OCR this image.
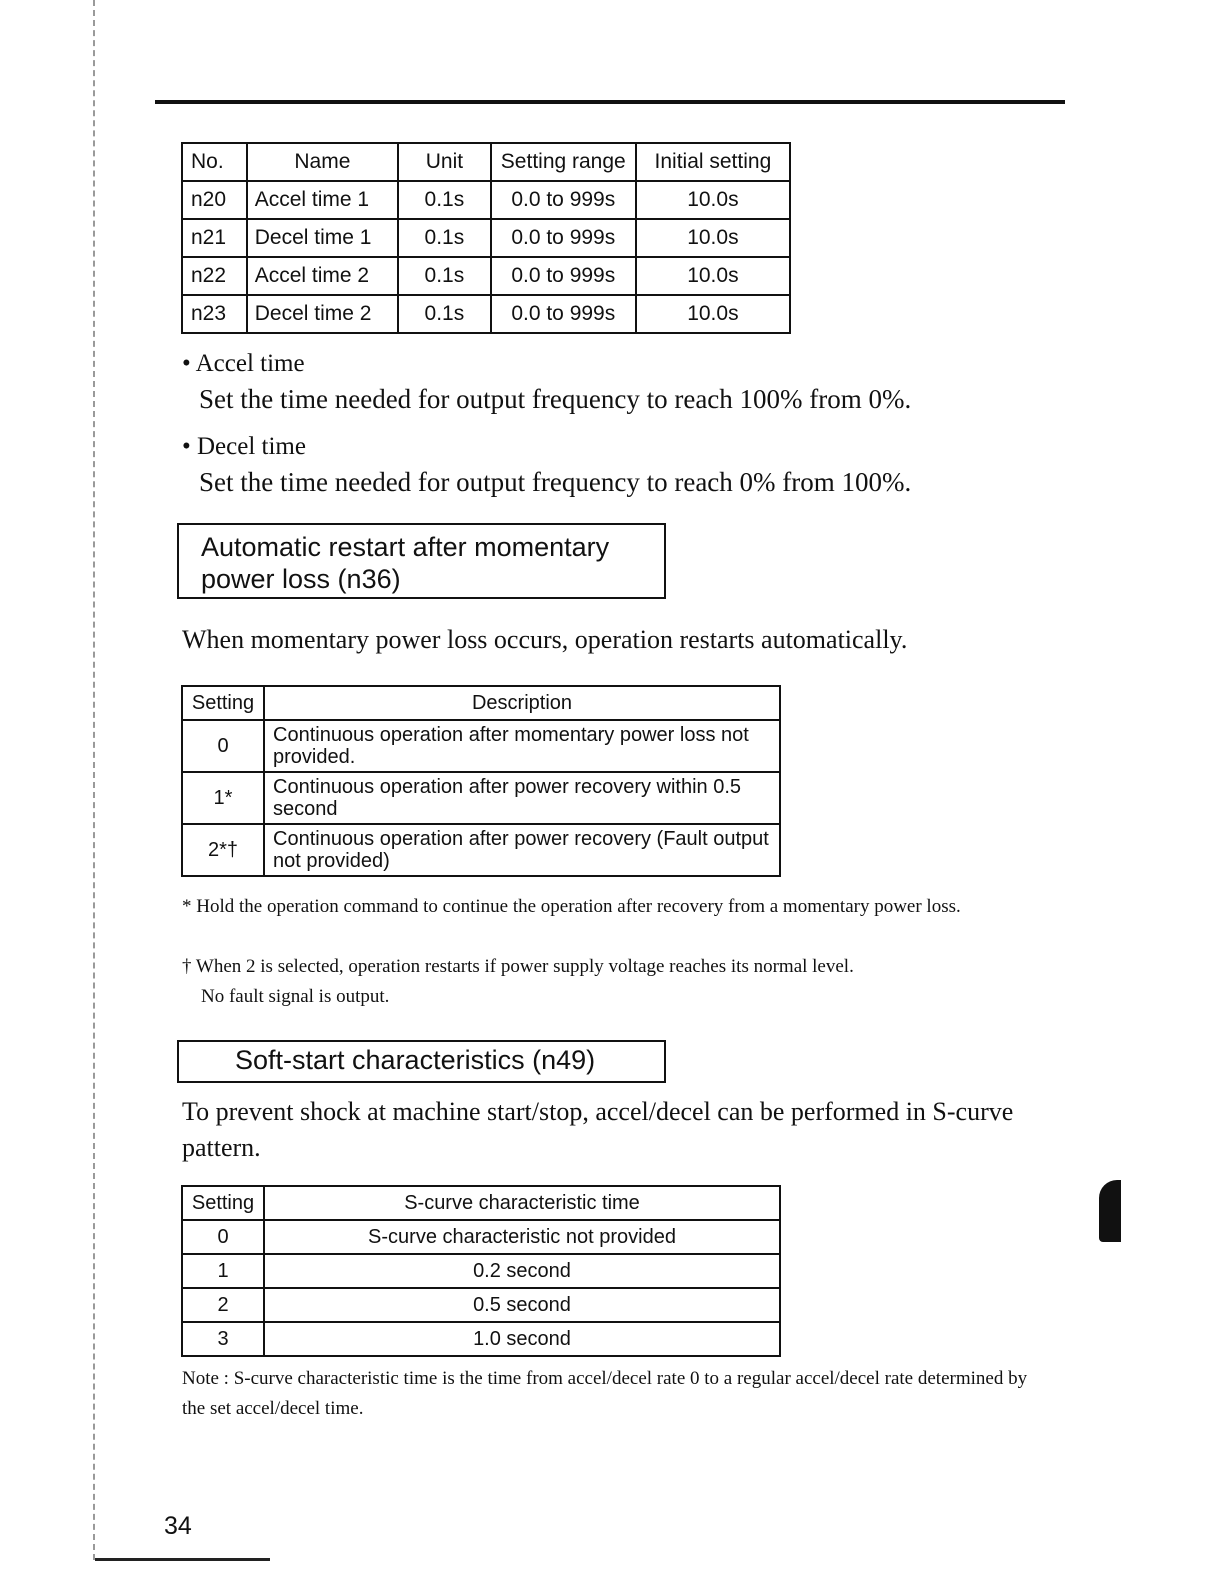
No.	Name	Unit	Setting range	Initial setting
n20	Accel time 1	0.1s	0.0 to 999s	10.0s
n21	Decel time 1	0.1s	0.0 to 999s	10.0s
n22	Accel time 2	0.1s	0.0 to 999s	10.0s
n23	Decel time 2	0.1s	0.0 to 999s	10.0s
• Accel time
Set the time needed for output frequency to reach 100% from 0%.
• Decel time
Set the time needed for output frequency to reach 0% from 100%.
Automatic restart after momentary
power loss (n36)
When momentary power loss occurs, operation restarts automatically.
Setting	Description
0	Continuous operation after momentary power loss not provided.
1*	Continuous operation after power recovery within 0.5 second
2*†	Continuous operation after power recovery (Fault output not provided)
* Hold the operation command to continue the operation after recovery from a momentary power loss.
† When 2 is selected, operation restarts if power supply voltage reaches its normal level.
No fault signal is output.
Soft-start characteristics (n49)
To prevent shock at machine start/stop, accel/decel can be performed in S-curve pattern.
Setting	S-curve characteristic time
0	S-curve characteristic not provided
1	0.2 second
2	0.5 second
3	1.0 second
Note : S-curve characteristic time is the time from accel/decel rate 0 to a regular accel/decel rate determined by the set accel/decel time.
34
